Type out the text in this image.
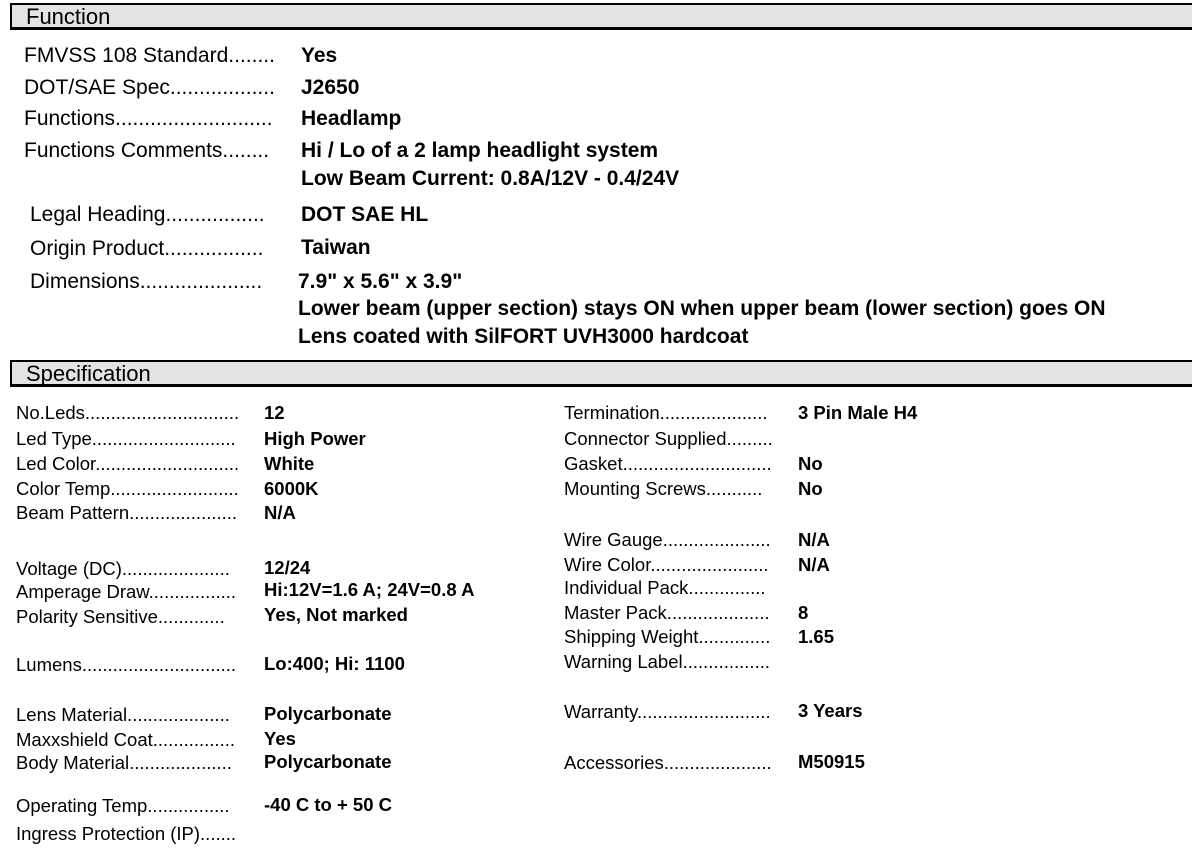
Function
FMVSS 108 Standard........ Yes
DOT/SAE Spec.................. J2650
Functions........................... Headlamp
Functions Comments........ Hi / Lo of a 2 lamp headlight system
Low Beam Current: 0.8A/12V - 0.4/24V
Legal Heading................. DOT SAE HL
Origin Product................. Taiwan
Dimensions..................... 7.9" x 5.6" x 3.9"
Lower beam (upper section) stays ON when upper beam (lower section) goes ON
Lens coated with SilFORT UVH3000 hardcoat
Specification
No.Leds.............................. 12
Led Type............................ High Power
Led Color............................ White
Color Temp......................... 6000K
Beam Pattern..................... N/A
Voltage (DC)..................... 12/24
Amperage Draw................. Hi:12V=1.6 A; 24V=0.8 A
Polarity Sensitive............. Yes, Not marked
Lumens.............................. Lo:400; Hi: 1100
Lens Material.................... Polycarbonate
Maxxshield Coat................ Yes
Body Material.................... Polycarbonate
Operating Temp................ -40 C to + 50 C
Ingress Protection (IP).......
Termination..................... 3 Pin Male H4
Connector Supplied.........
Gasket............................. No
Mounting Screws........... No
Wire Gauge..................... N/A
Wire Color....................... N/A
Individual Pack...............
Master Pack.................... 8
Shipping Weight.............. 1.65
Warning Label.................
Warranty.......................... 3 Years
Accessories..................... M50915
